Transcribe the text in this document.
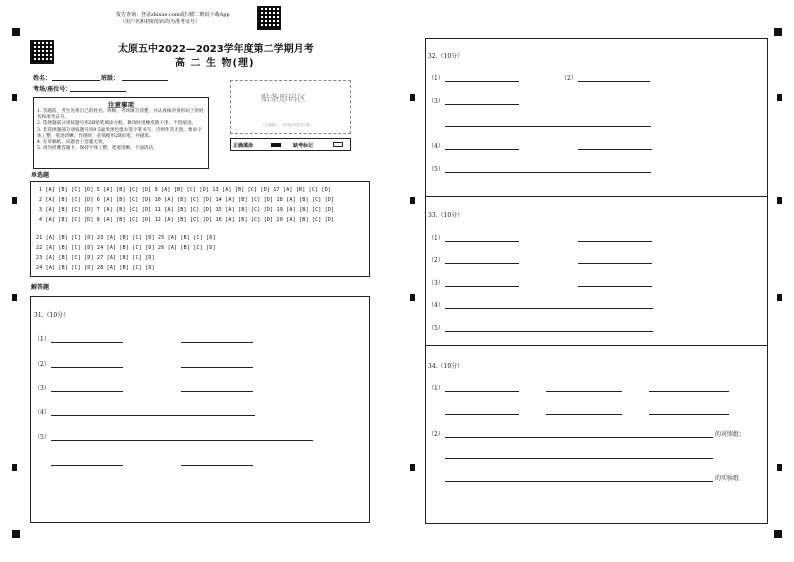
报告查询：登录zhixue.com或扫描二维码下载App
（用户名和初始密码均为准考证号）
太原五中2022—2023学年度第二学期月考
高 二 生 物(理)
姓名：	班级：
考场/座位号：
贴条形码区
（正面朝上，切勿贴出虚线方框）
注意事项

1. 答题前，考生先将自己的姓名、班级、考场填写清楚，并认真核对条形码上的姓名和准考证号。

2. 选择题部分请按题号用2B铅笔填涂方框，修改时用橡皮擦干净，不留痕迹。

3. 非选择题部分请按题号用0.5毫米黑色墨水签字笔书写，否则作答无效。要求字体工整、笔迹清晰。作图时，必须使用2B铅笔，并描浓。

4. 在草稿纸、试题卷上答题无效。

5. 请勿折叠答题卡，保持字体工整、笔迹清晰、卡面清洁。	正确填涂	缺考标记
单选题
1 [A] [B] [C] [D] 5 [A] [B] [C] [D] 9 [A] [B] [C] [D] 13 [A] [B] [C] [D] 17 [A] [B] [C] [D]
2 [A] [B] [C] [D] 6 [A] [B] [C] [D] 10 [A] [B] [C] [D] 14 [A] [B] [C] [D] 18 [A] [B] [C] [D]
3 [A] [B] [C] [D] 7 [A] [B] [C] [D] 11 [A] [B] [C] [D] 15 [A] [B] [C] [D] 19 [A] [B] [C] [D]
4 [A] [B] [C] [D] 8 [A] [B] [C] [D] 12 [A] [B] [C] [D] 16 [A] [B] [C] [D] 20 [A] [B] [C] [D]
21 [A] [B] [C] [D] 23 [A] [B] [C] [D] 25 [A] [B] [C] [D]
22 [A] [B] [C] [D] 24 [A] [B] [C] [D] 26 [A] [B] [C] [D]
23 [A] [B] [C] [D] 27 [A] [B] [C] [D]
24 [A] [B] [C] [D] 28 [A] [B] [C] [D]
解答题
31.（10分）
（1）
（2）
（3）
（4）
（5）
32.（10分）
（1）	（2）
（3）
（4）
（5）
33.（10分）
（1）
（2）
（3）
（4）
（5）
34.（10分）
（1）
（2）	的对照组；
的实验组
